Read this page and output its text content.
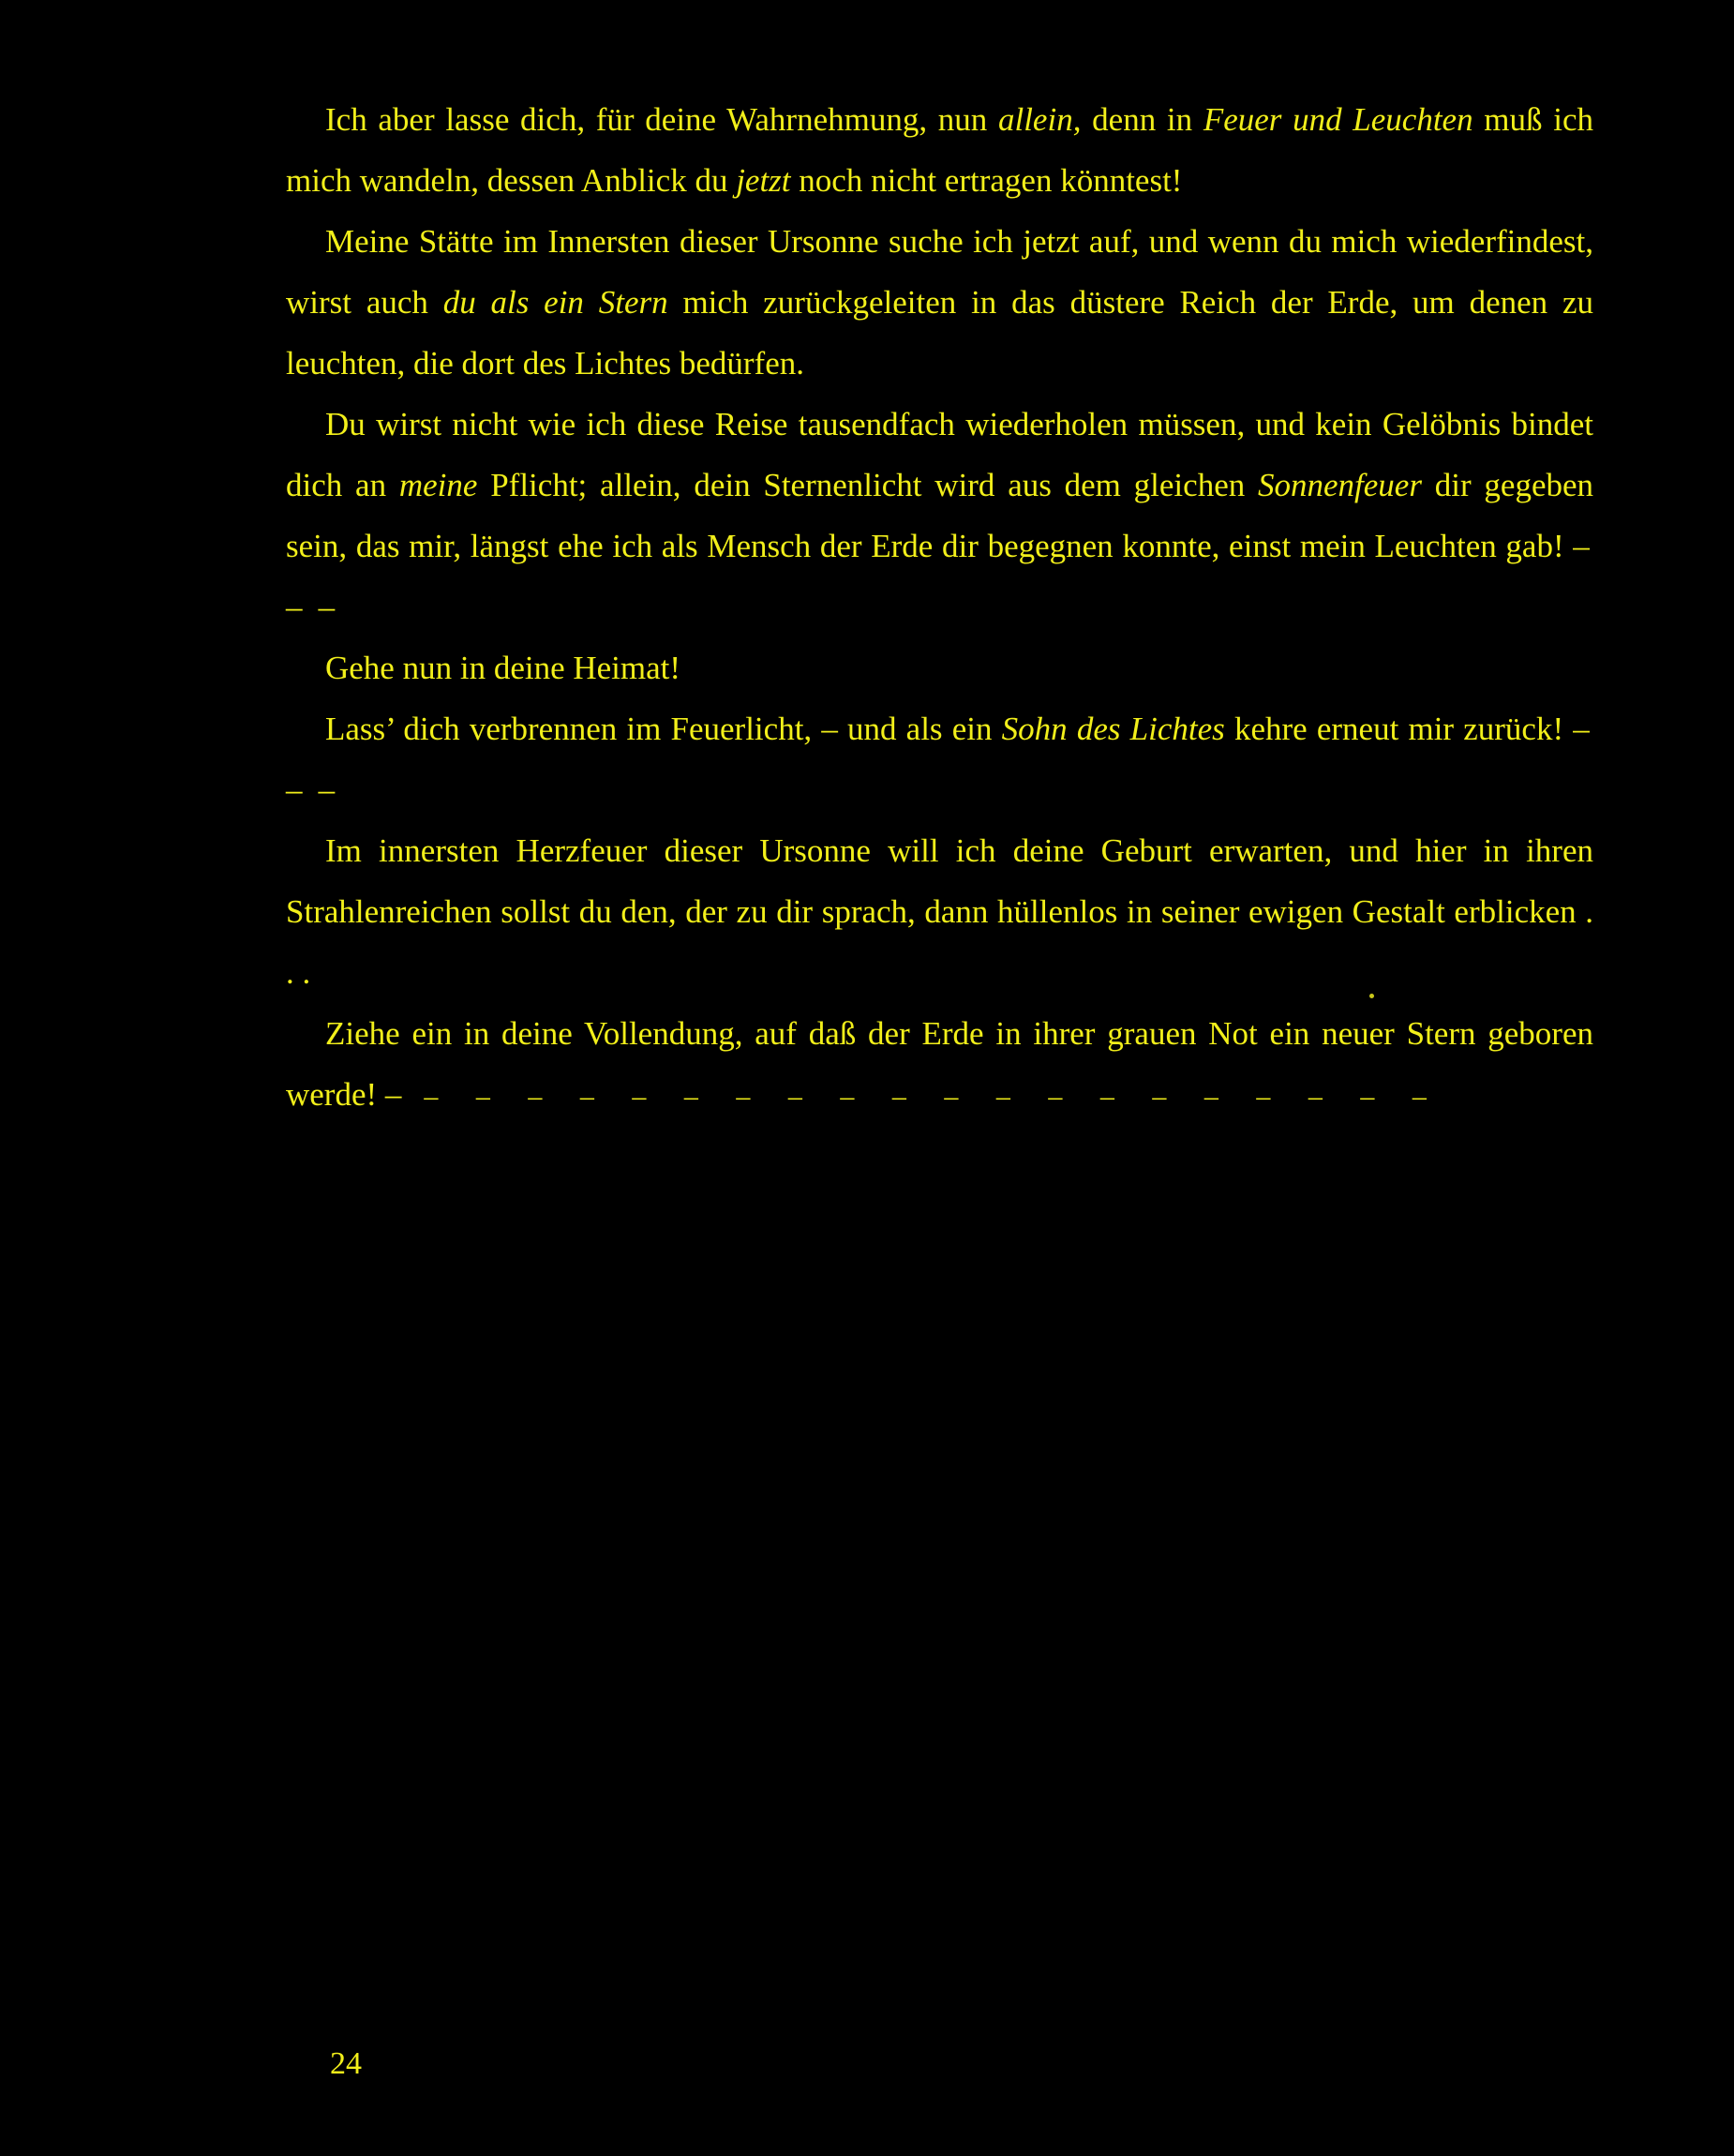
Ich aber lasse dich, für deine Wahrnehmung, nun allein, denn in Feuer und Leuchten muß ich mich wandeln, dessen Anblick du jetzt noch nicht ertragen könntest!

Meine Stätte im Innersten dieser Ursonne suche ich jetzt auf, und wenn du mich wiederfindest, wirst auch du als ein Stern mich zurückgeleiten in das düstere Reich der Erde, um denen zu leuchten, die dort des Lichtes bedürfen.

Du wirst nicht wie ich diese Reise tausendfach wiederholen müssen, und kein Gelöbnis bindet dich an meine Pflicht; allein, dein Sternenlicht wird aus dem gleichen Sonnenfeuer dir gegeben sein, das mir, längst ehe ich als Mensch der Erde dir begegnen konnte, einst mein Leuchten gab! – – –

Gehe nun in deine Heimat!

Lass’ dich verbrennen im Feuerlicht, – und als ein Sohn des Lichtes kehre erneut mir zurück! – – –

Im innersten Herzfeuer dieser Ursonne will ich deine Geburt erwarten, und hier in ihren Strahlenreichen sollst du den, der zu dir sprach, dann hüllenlos in seiner ewigen Gestalt erblicken . . .

Ziehe ein in deine Vollendung, auf daß der Erde in ihrer grauen Not ein neuer Stern geboren werde! – – – – – – – – – – – – – – – – – – – – –

24
